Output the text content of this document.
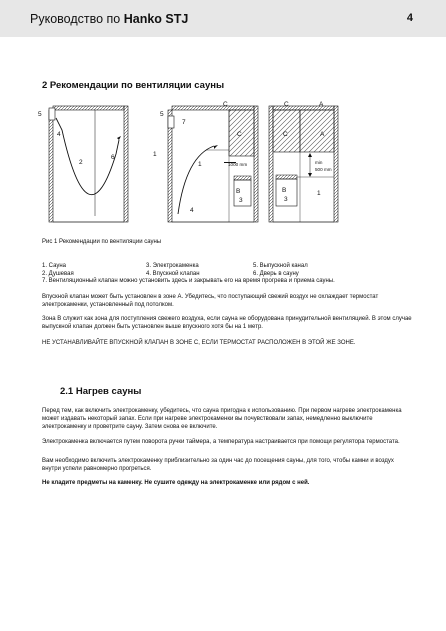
Руководство по Hanko STJ	4
2 Рекомендации по вентиляции сауны
5
4
2
6	1
5
7
C
C
1
B
3
4
1000 mm
C	A
C	A
min
500 mm
B
3
1
Рис 1 Рекомендации по вентиляции сауны
1. Сауна	3. Электрокаменка	5. Выпускной канал
2. Душевая	4. Впускной клапан	6. Дверь в сауну
7. Вентиляционный клапан можно установить здесь и закрывать его на время прогрева и приема сауны.
Впускной клапан может быть установлен в зоне А. Убедитесь, что поступающий свежий воздух не охлаждает термостат электрокаменки, установленный под потолком.
Зона В служит как зона для поступления свежего воздуха, если сауна не оборудована принудительной вентиляцией. В этом случае выпускной клапан должен быть установлен выше впускного хотя бы на 1 метр.
НЕ УСТАНАВЛИВАЙТЕ ВПУСКНОЙ КЛАПАН В ЗОНЕ С, ЕСЛИ ТЕРМОСТАТ РАСПОЛОЖЕН В ЭТОЙ ЖЕ ЗОНЕ.
2.1 Нагрев сауны
Перед тем, как включить электрокаменку, убедитесь, что сауна пригодна к использованию. При первом нагреве электрокаменка может издавать некоторый запах. Если при нагреве электрокаменки вы почувствовали запах, немедленно выключите электрокаменку и проветрите сауну. Затем снова ее включите.
Электрокаменка включается путем поворота ручки таймера, а температура настраивается при помощи регулятора термостата.
Вам необходимо включить электрокаменку приблизительно за один час до посещения сауны, для того, чтобы камни и воздух внутри успели равномерно прогреться.
Не кладите предметы на каменку. Не сушите одежду на электрокаменке или рядом с ней.
